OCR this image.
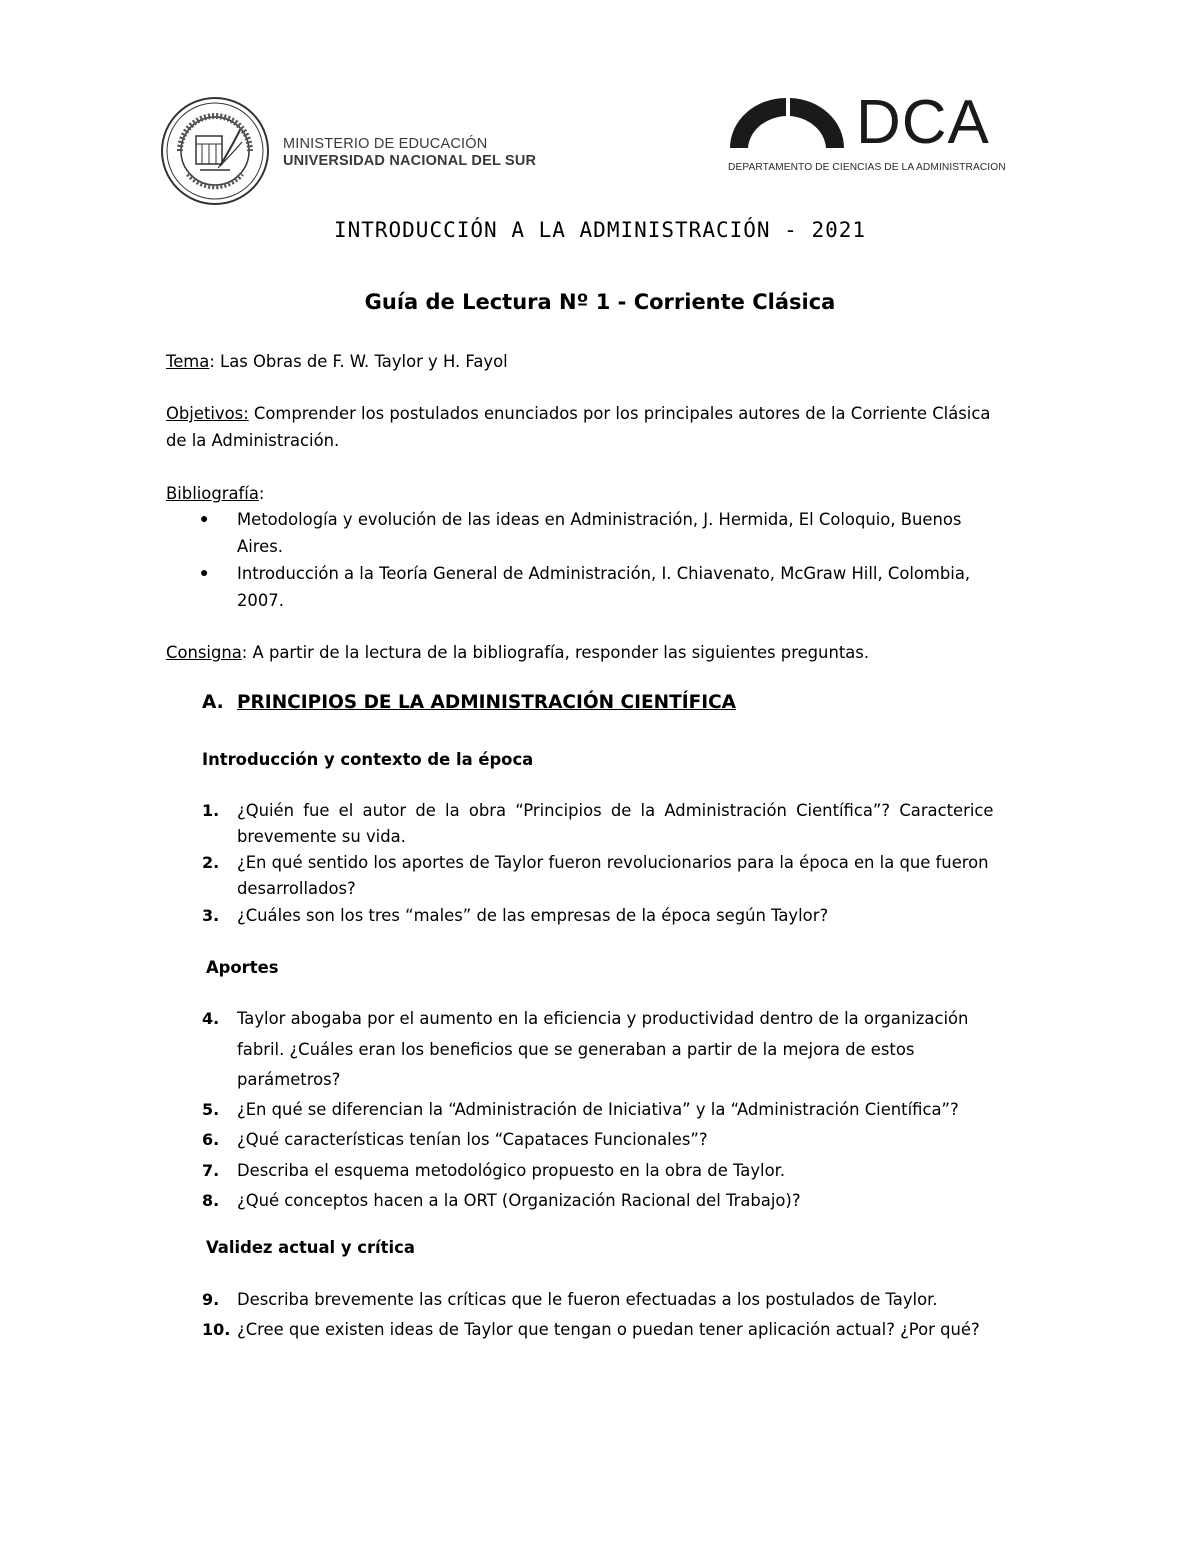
MINISTERIO DE EDUCACIÓN
UNIVERSIDAD NACIONAL DEL SUR
DCA
DEPARTAMENTO DE CIENCIAS DE LA ADMINISTRACION
INTRODUCCIÓN A LA ADMINISTRACIÓN - 2021
Guía de Lectura Nº 1 - Corriente Clásica
Tema: Las Obras de F. W. Taylor y H. Fayol
Objetivos: Comprender los postulados enunciados por los principales autores de la Corriente Clásica
de la Administración.
Bibliografía:
● Metodología y evolución de las ideas en Administración, J. Hermida, El Coloquio, Buenos
Aires.
● Introducción a la Teoría General de Administración, I. Chiavenato, McGraw Hill, Colombia,
2007.
Consigna: A partir de la lectura de la bibliografía, responder las siguientes preguntas.
A. PRINCIPIOS DE LA ADMINISTRACIÓN CIENTÍFICA
Introducción y contexto de la época
1. ¿Quién fue el autor de la obra “Principios de la Administración Científica”? Caracterice
brevemente su vida.
2. ¿En qué sentido los aportes de Taylor fueron revolucionarios para la época en la que fueron
desarrollados?
3. ¿Cuáles son los tres “males” de las empresas de la época según Taylor?
Aportes
4. Taylor abogaba por el aumento en la eficiencia y productividad dentro de la organización
fabril. ¿Cuáles eran los beneficios que se generaban a partir de la mejora de estos
parámetros?
5. ¿En qué se diferencian la “Administración de Iniciativa” y la “Administración Científica”?
6. ¿Qué características tenían los “Capataces Funcionales”?
7. Describa el esquema metodológico propuesto en la obra de Taylor.
8. ¿Qué conceptos hacen a la ORT (Organización Racional del Trabajo)?
Validez actual y crítica
9. Describa brevemente las críticas que le fueron efectuadas a los postulados de Taylor.
10. ¿Cree que existen ideas de Taylor que tengan o puedan tener aplicación actual? ¿Por qué?
